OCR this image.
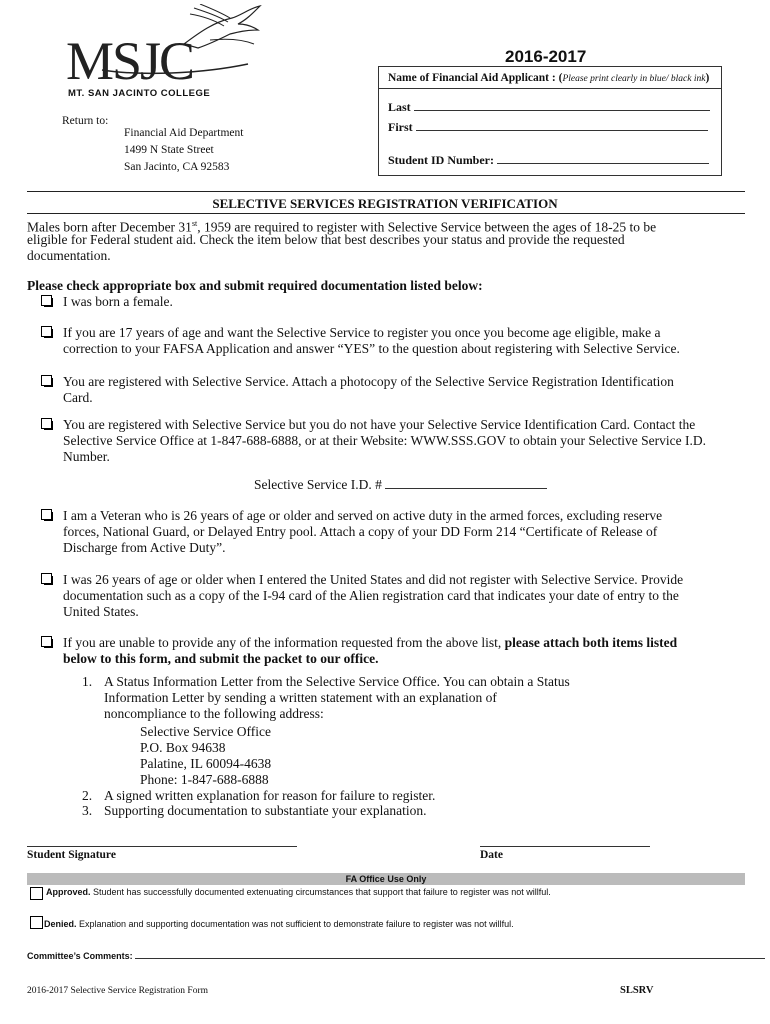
MSJC
MT. SAN JACINTO COLLEGE
2016-2017
Name of Financial Aid Applicant : (Please print clearly in blue/ black ink)
Last
First
Student ID Number:
Return to:
Financial Aid Department
1499 N State Street
San Jacinto, CA 92583
SELECTIVE SERVICES REGISTRATION VERIFICATION
Males born after December 31st, 1959 are required to register with Selective Service between the ages of 18-25 to be
eligible for Federal student aid. Check the item below that best describes your status and provide the requested
documentation.
Please check appropriate box and submit required documentation listed below:
I was born a female.
If you are 17 years of age and want the Selective Service to register you once you become age eligible, make a
correction to your FAFSA Application and answer “YES” to the question about registering with Selective Service.
You are registered with Selective Service. Attach a photocopy of the Selective Service Registration Identification
Card.
You are registered with Selective Service but you do not have your Selective Service Identification Card. Contact the
Selective Service Office at 1-847-688-6888, or at their Website: WWW.SSS.GOV to obtain your Selective Service I.D.
Number.
Selective Service I.D. #
I am a Veteran who is 26 years of age or older and served on active duty in the armed forces, excluding reserve
forces, National Guard, or Delayed Entry pool. Attach a copy of your DD Form 214 “Certificate of Release of
Discharge from Active Duty”.
I was 26 years of age or older when I entered the United States and did not register with Selective Service. Provide
documentation such as a copy of the I-94 card of the Alien registration card that indicates your date of entry to the
United States.
If you are unable to provide any of the information requested from the above list, please attach both items listed
below to this form, and submit the packet to our office.
1. A Status Information Letter from the Selective Service Office. You can obtain a Status
Information Letter by sending a written statement with an explanation of
noncompliance to the following address:
Selective Service Office
P.O. Box 94638
Palatine, IL 60094-4638
Phone: 1-847-688-6888
2. A signed written explanation for reason for failure to register.
3. Supporting documentation to substantiate your explanation.
Student Signature	Date
FA Office Use Only
Approved. Student has successfully documented extenuating circumstances that support that failure to register was not willful.
Denied. Explanation and supporting documentation was not sufficient to demonstrate failure to register was not willful.
Committee’s Comments:
2016-2017 Selective Service Registration Form	SLSRV
